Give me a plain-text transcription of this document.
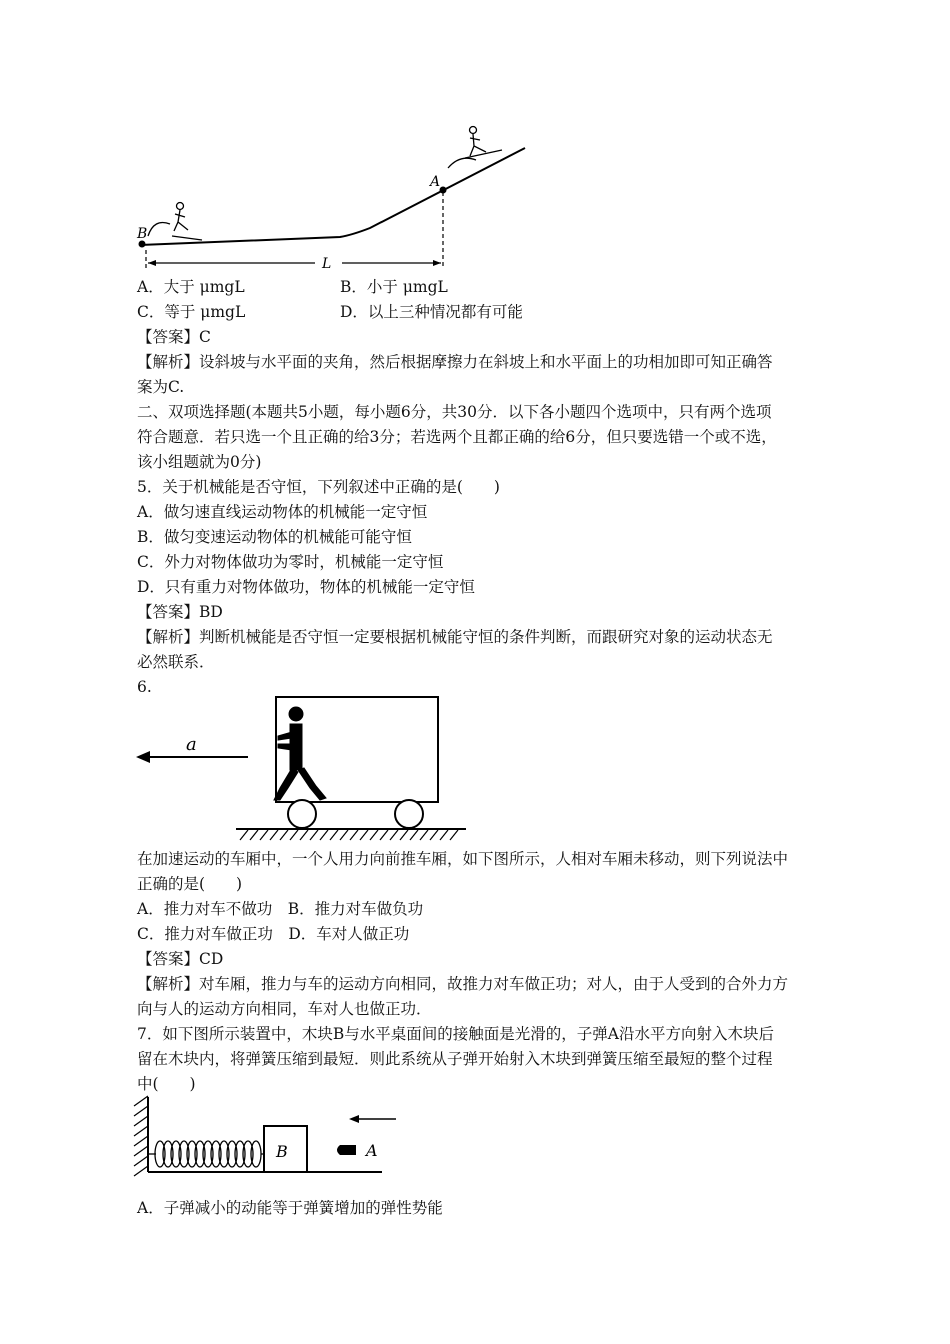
B
A
L
A．大于 μmgL	B．小于 μmgL
C．等于 μmgL	D．以上三种情况都有可能
【答案】C
【解析】设斜坡与水平面的夹角，然后根据摩擦力在斜坡上和水平面上的功相加即可知正确答
案为C.
二、双项选择题(本题共5小题，每小题6分，共30分．以下各小题四个选项中，只有两个选项
符合题意．若只选一个且正确的给3分；若选两个且都正确的给6分，但只要选错一个或不选，
该小组题就为0分)
5．关于机械能是否守恒，下列叙述中正确的是(　　)
A．做匀速直线运动物体的机械能一定守恒
B．做匀变速运动物体的机械能可能守恒
C．外力对物体做功为零时，机械能一定守恒
D．只有重力对物体做功，物体的机械能一定守恒
【答案】BD
【解析】判断机械能是否守恒一定要根据机械能守恒的条件判断，而跟研究对象的运动状态无
必然联系．
6.
a
在加速运动的车厢中，一个人用力向前推车厢，如下图所示，人相对车厢未移动，则下列说法中
正确的是(　　)
A．推力对车不做功　B．推力对车做负功
C．推力对车做正功　D．车对人做正功
【答案】CD
【解析】对车厢，推力与车的运动方向相同，故推力对车做正功；对人，由于人受到的合外力方
向与人的运动方向相同，车对人也做正功．
7．如下图所示装置中，木块B与水平桌面间的接触面是光滑的，子弹A沿水平方向射入木块后
留在木块内，将弹簧压缩到最短．则此系统从子弹开始射入木块到弹簧压缩至最短的整个过程
中(　　)
B	A
A．子弹减小的动能等于弹簧增加的弹性势能
